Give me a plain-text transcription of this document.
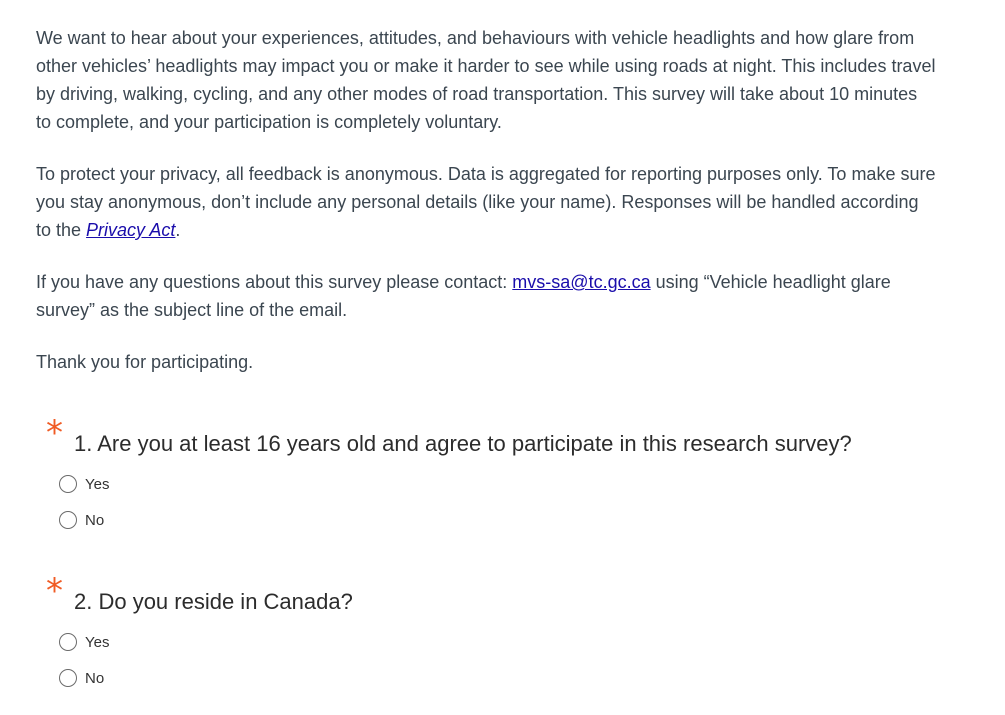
We want to hear about your experiences, attitudes, and behaviours with vehicle headlights and how glare from other vehicles’ headlights may impact you or make it harder to see while using roads at night. This includes travel by driving, walking, cycling, and any other modes of road transportation. This survey will take about 10 minutes to complete, and your participation is completely voluntary.

To protect your privacy, all feedback is anonymous. Data is aggregated for reporting purposes only. To make sure you stay anonymous, don’t include any personal details (like your name). Responses will be handled according to the Privacy Act.

If you have any questions about this survey please contact: mvs-sa@tc.gc.ca using “Vehicle headlight glare survey” as the subject line of the email.

Thank you for participating.

* 1. Are you at least 16 years old and agree to participate in this research survey?
Yes
No
* 2. Do you reside in Canada?
Yes
No
